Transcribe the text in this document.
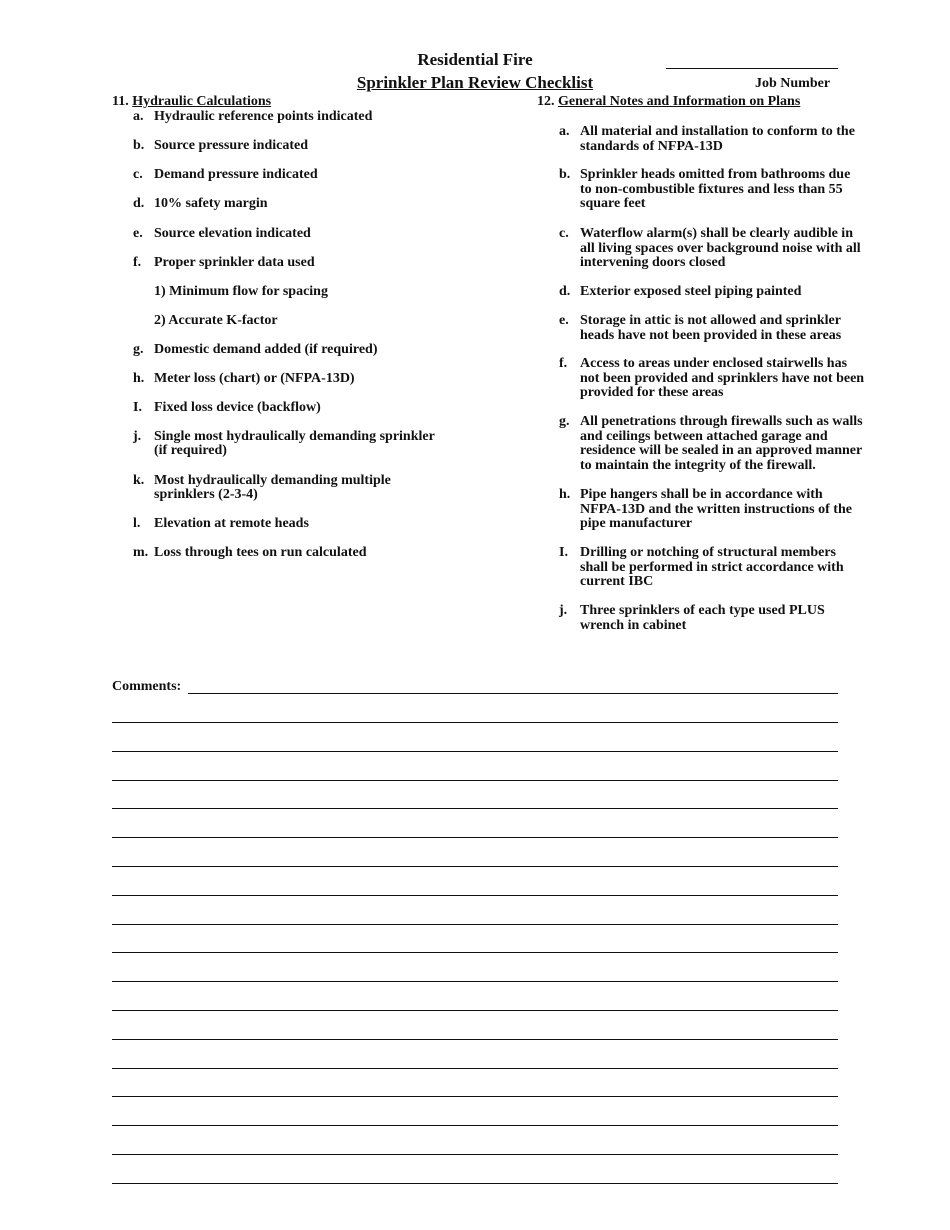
Residential Fire
Sprinkler Plan Review Checklist	Job Number
11. Hydraulic Calculations
a. Hydraulic reference points indicated
b. Source pressure indicated
c. Demand pressure indicated
d. 10% safety margin
e. Source elevation indicated
f. Proper sprinkler data used
1) Minimum flow for spacing
2) Accurate K-factor
g. Domestic demand added (if required)
h. Meter loss (chart) or (NFPA-13D)
I. Fixed loss device (backflow)
j. Single most hydraulically demanding sprinkler
(if required)
k. Most hydraulically demanding multiple
sprinklers (2-3-4)
l. Elevation at remote heads
m. Loss through tees on run calculated
12. General Notes and Information on Plans
a. All material and installation to conform to the
standards of NFPA-13D
b. Sprinkler heads omitted from bathrooms due
to non-combustible fixtures and less than 55
square feet
c. Waterflow alarm(s) shall be clearly audible in
all living spaces over background noise with all
intervening doors closed
d. Exterior exposed steel piping painted
e. Storage in attic is not allowed and sprinkler
heads have not been provided in these areas
f. Access to areas under enclosed stairwells has
not been provided and sprinklers have not been
provided for these areas
g. All penetrations through firewalls such as walls
and ceilings between attached garage and
residence will be sealed in an approved manner
to maintain the integrity of the firewall.
h. Pipe hangers shall be in accordance with
NFPA-13D and the written instructions of the
pipe manufacturer
I. Drilling or notching of structural members
shall be performed in strict accordance with
current IBC
j. Three sprinklers of each type used PLUS
wrench in cabinet
Comments:
